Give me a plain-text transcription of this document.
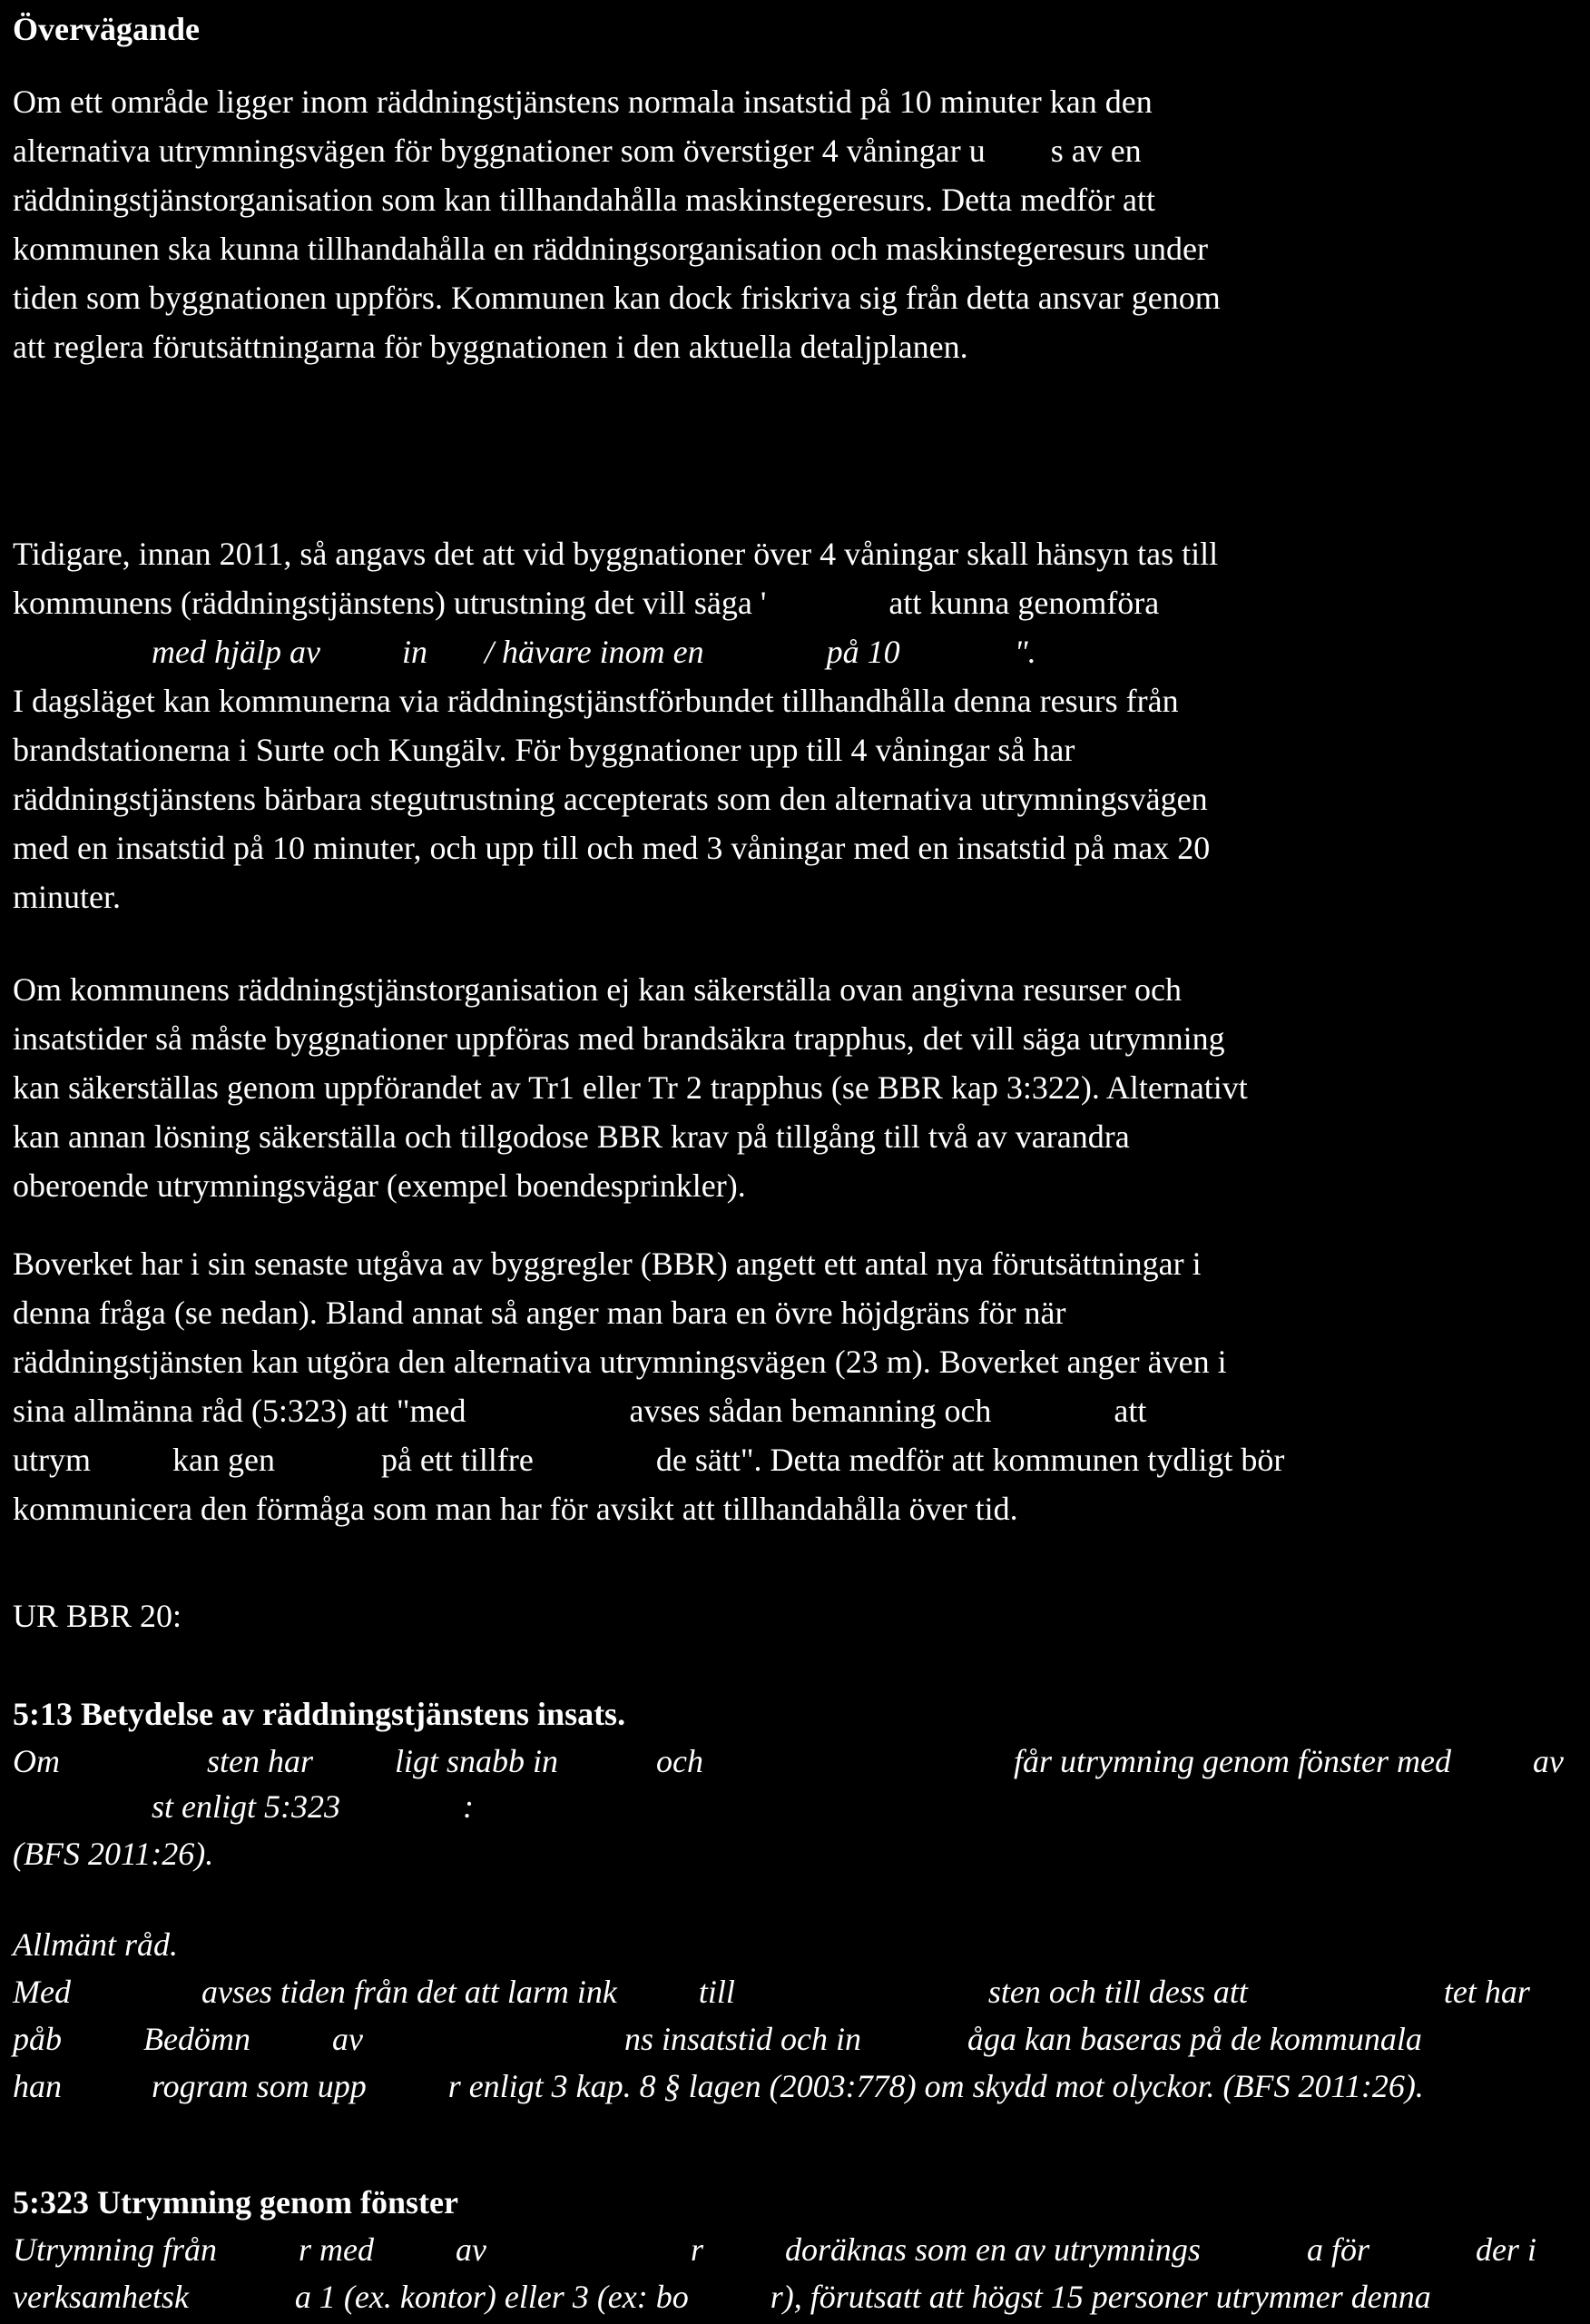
Övervägande

Om ett område ligger inom räddningstjänstens normala insatstid på 10 minuter kan den

alternativa utrymningsvägen för byggnationer som överstiger 4 våningar u        s av en

räddningstjänstorganisation som kan tillhandahålla maskinstegeresurs. Detta medför att

kommunen ska kunna tillhandahålla en räddningsorganisation och maskinstegeresurs under

tiden som byggnationen uppförs. Kommunen kan dock friskriva sig från detta ansvar genom

att reglera förutsättningarna för byggnationen i den aktuella detaljplanen.

Tidigare, innan 2011, så angavs det att vid byggnationer över 4 våningar skall hänsyn tas till

kommunens (räddningstjänstens) utrustning det vill säga '               att kunna genomföra

med hjälp av          in       / hävare inom en               på 10              ".

I dagsläget kan kommunerna via räddningstjänstförbundet tillhandhålla denna resurs från

brandstationerna i Surte och Kungälv. För byggnationer upp till 4 våningar så har

räddningstjänstens bärbara stegutrustning accepterats som den alternativa utrymningsvägen

med en insatstid på 10 minuter, och upp till och med 3 våningar med en insatstid på max 20

minuter.

Om kommunens räddningstjänstorganisation ej kan säkerställa ovan angivna resurser och

insatstider så måste byggnationer uppföras med brandsäkra trapphus, det vill säga utrymning

kan säkerställas genom uppförandet av Tr1 eller Tr 2 trapphus (se BBR kap 3:322). Alternativt

kan annan lösning säkerställa och tillgodose BBR krav på tillgång till två av varandra

oberoende utrymningsvägar (exempel boendesprinkler).

Boverket har i sin senaste utgåva av byggregler (BBR) angett ett antal nya förutsättningar i

denna fråga (se nedan). Bland annat så anger man bara en övre höjdgräns för när

räddningstjänsten kan utgöra den alternativa utrymningsvägen (23 m). Boverket anger även i

sina allmänna råd (5:323) att "med                    avses sådan bemanning och               att

utrym          kan gen             på ett tillfre               de sätt". Detta medför att kommunen tydligt bör

kommunicera den förmåga som man har för avsikt att tillhandahålla över tid.

UR BBR 20:

5:13 Betydelse av räddningstjänstens insats.

Om                  sten har          ligt snabb in            och                                      får utrymning genom fönster med          av

st enligt 5:323               :

(BFS 2011:26).

Allmänt råd.

Med                avses tiden från det att larm ink          till                               sten och till dess att                        tet har

påb          Bedömn          av                                ns insatstid och in             åga kan baseras på de kommunala

han           rogram som upp          r enligt 3 kap. 8 § lagen (2003:778) om skydd mot olyckor. (BFS 2011:26).

5:323 Utrymning genom fönster

Utrymning från          r med          av                         r          doräknas som en av utrymnings             a för             der i

verksamhetsk             a 1 (ex. kontor) eller 3 (ex: bo          r), förutsatt att högst 15 personer utrymmer denna
